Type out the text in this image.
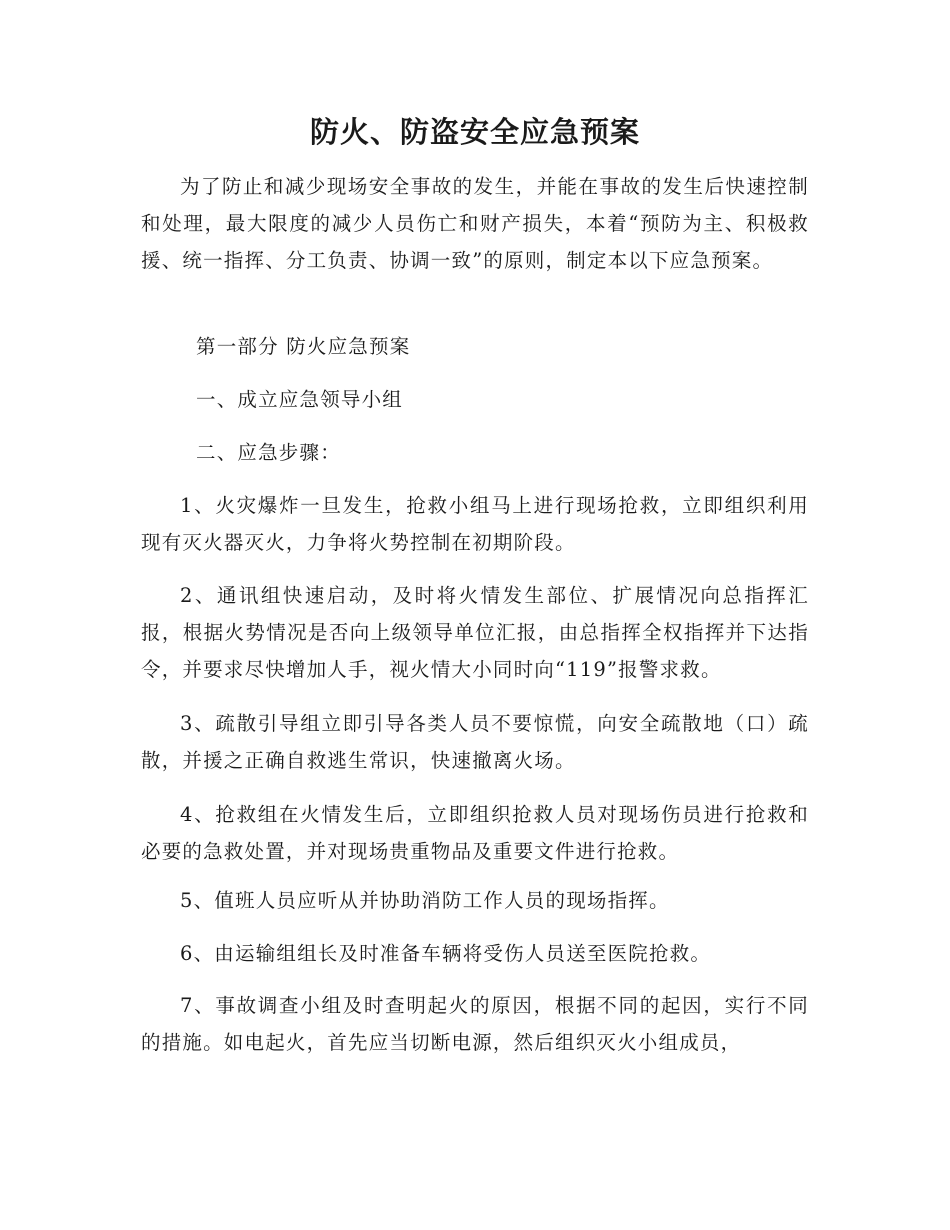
防火、防盗安全应急预案

为了防止和减少现场安全事故的发生，并能在事故的发生后快速控制和处理，最大限度的减少人员伤亡和财产损失，本着“预防为主、积极救援、统一指挥、分工负责、协调一致”的原则，制定本以下应急预案。

第一部分 防火应急预案

一、成立应急领导小组

二、应急步骤：

1、火灾爆炸一旦发生，抢救小组马上进行现场抢救，立即组织利用现有灭火器灭火，力争将火势控制在初期阶段。

2、通讯组快速启动，及时将火情发生部位、扩展情况向总指挥汇报，根据火势情况是否向上级领导单位汇报，由总指挥全权指挥并下达指令，并要求尽快增加人手，视火情大小同时向“119”报警求救。

3、疏散引导组立即引导各类人员不要惊慌，向安全疏散地（口）疏散，并援之正确自救逃生常识，快速撤离火场。

4、抢救组在火情发生后，立即组织抢救人员对现场伤员进行抢救和必要的急救处置，并对现场贵重物品及重要文件进行抢救。

5、值班人员应听从并协助消防工作人员的现场指挥。

6、由运输组组长及时准备车辆将受伤人员送至医院抢救。

7、事故调查小组及时查明起火的原因，根据不同的起因，实行不同的措施。如电起火，首先应当切断电源，然后组织灭火小组成员，
